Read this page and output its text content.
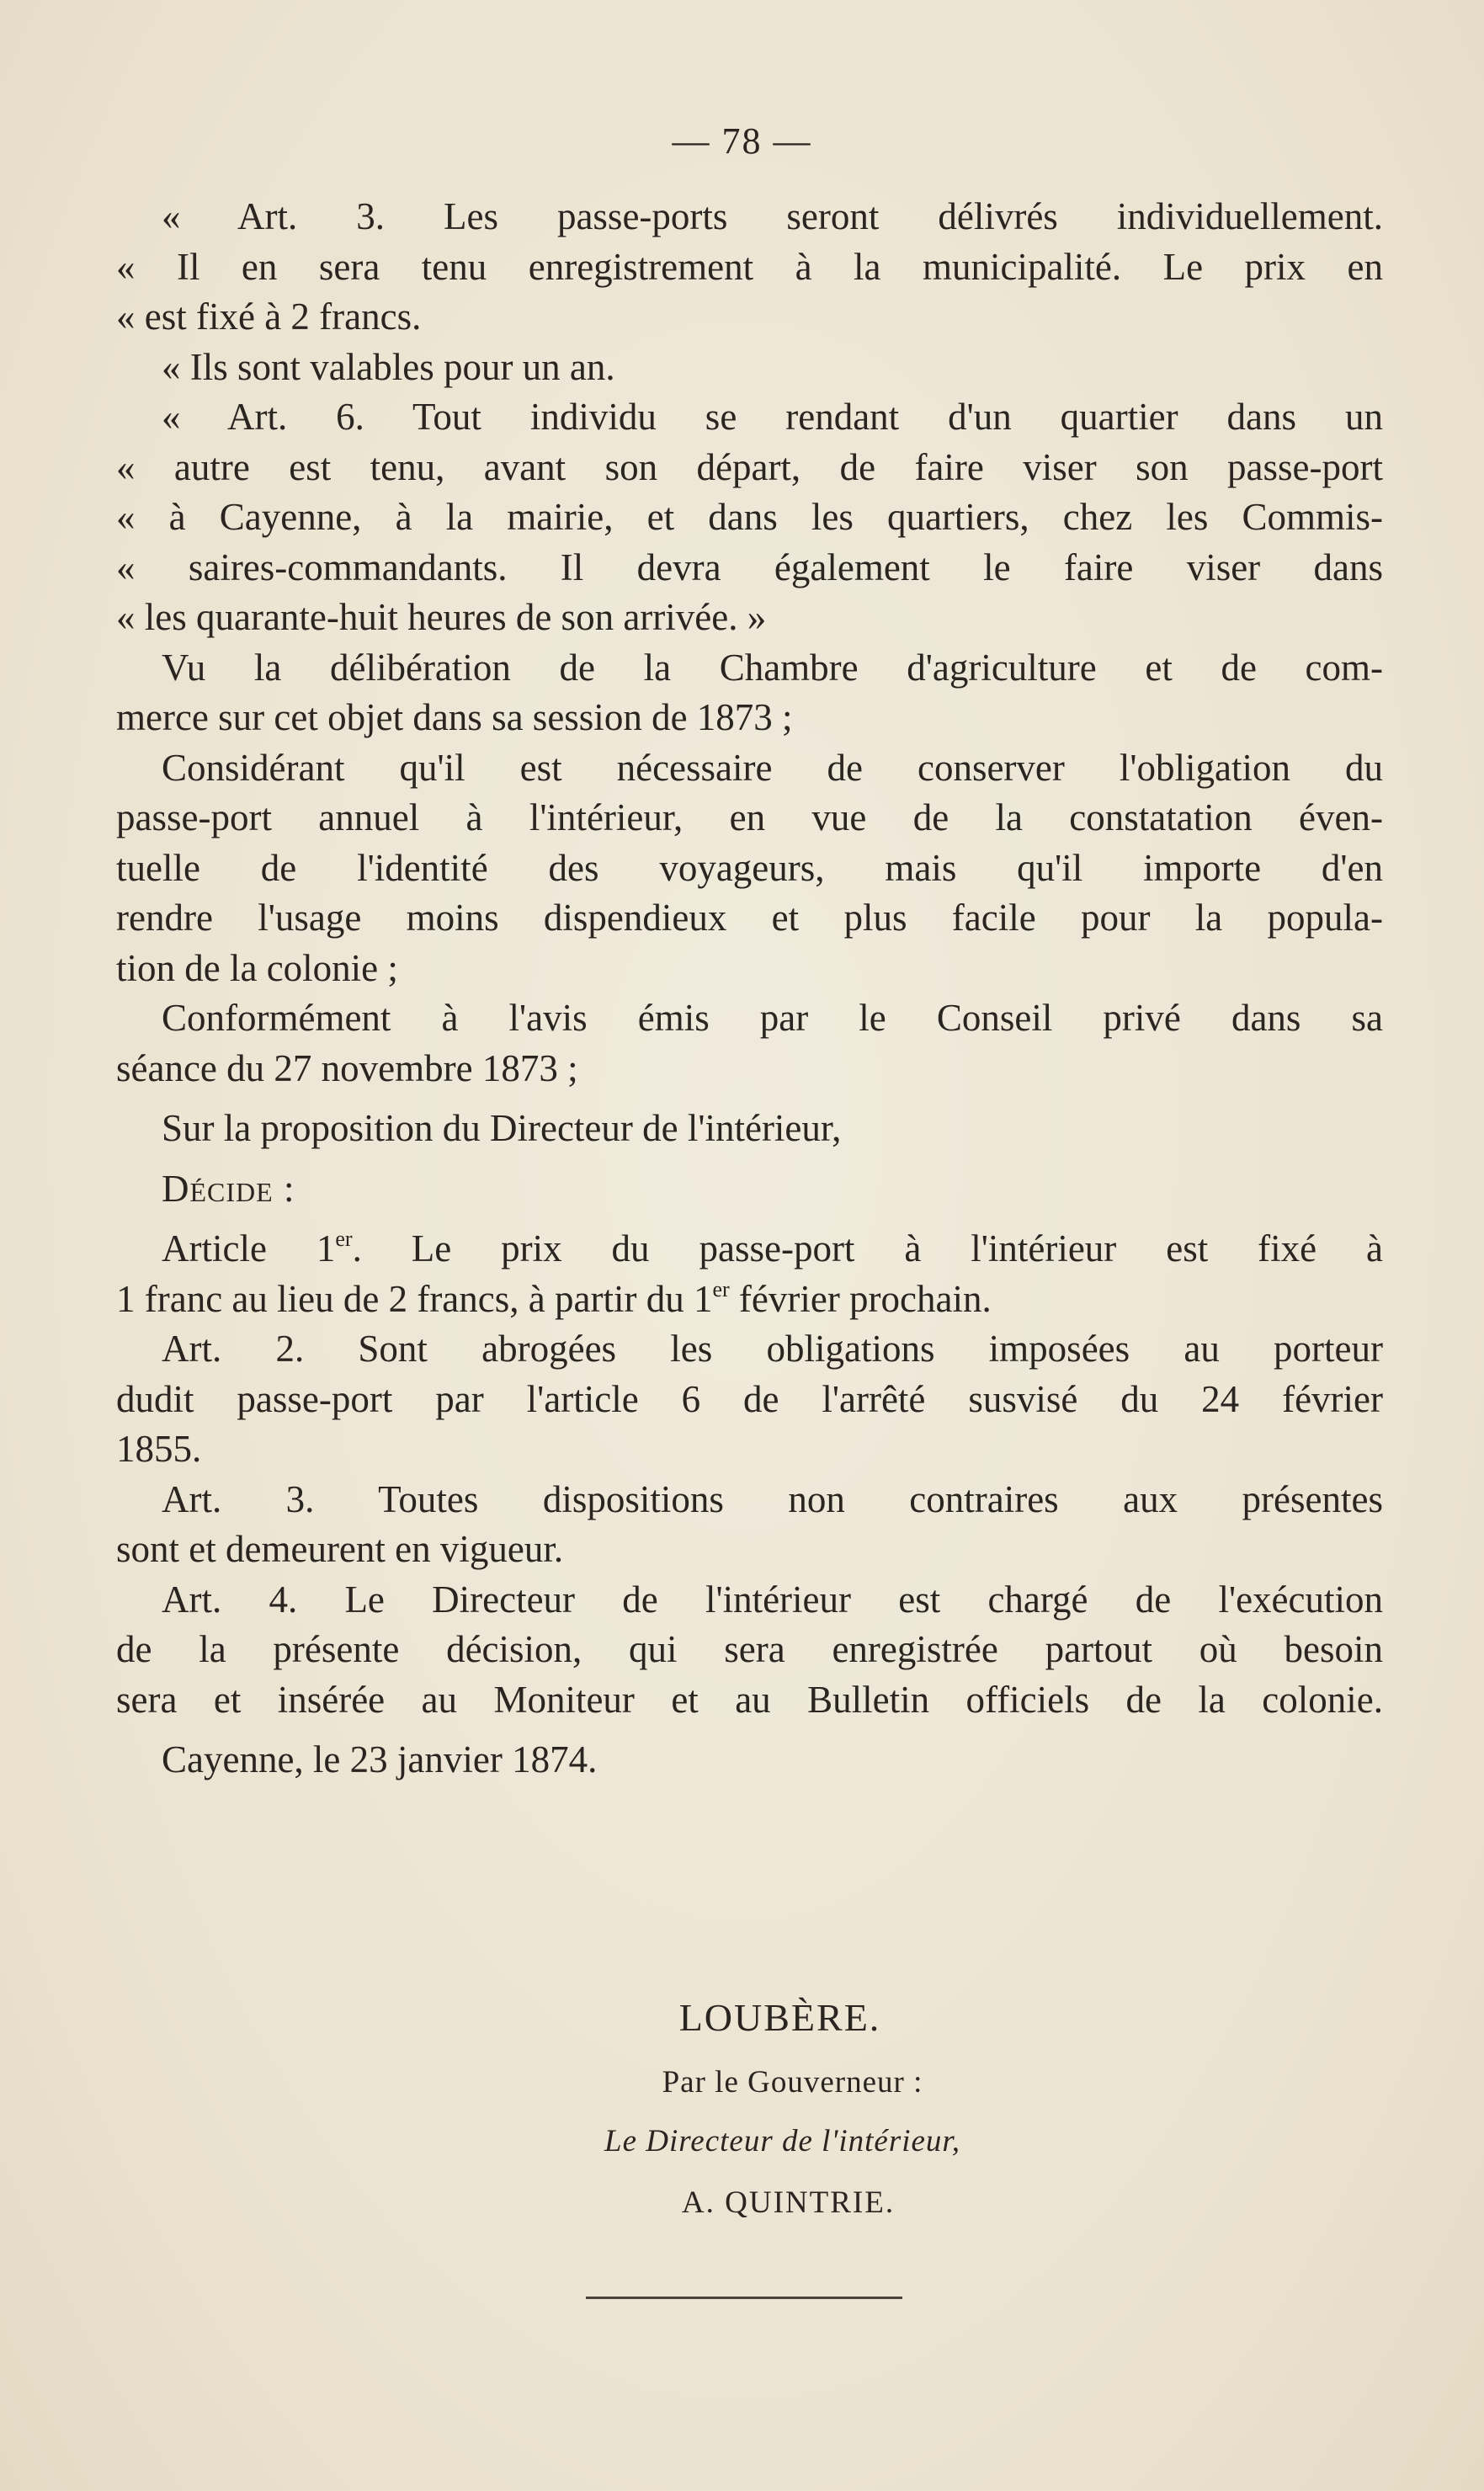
— 78 —
« Art. 3. Les passe-ports seront délivrés individuellement.
« Il en sera tenu enregistrement à la municipalité. Le prix en
« est fixé à 2 francs.
« Ils sont valables pour un an.
« Art. 6. Tout individu se rendant d'un quartier dans un
« autre est tenu, avant son départ, de faire viser son passe-port
« à Cayenne, à la mairie, et dans les quartiers, chez les Commis-
« saires-commandants. Il devra également le faire viser dans
« les quarante-huit heures de son arrivée. »
Vu la délibération de la Chambre d'agriculture et de com-
merce sur cet objet dans sa session de 1873 ;
Considérant qu'il est nécessaire de conserver l'obligation du
passe-port annuel à l'intérieur, en vue de la constatation éven-
tuelle de l'identité des voyageurs, mais qu'il importe d'en
rendre l'usage moins dispendieux et plus facile pour la popula-
tion de la colonie ;
Conformément à l'avis émis par le Conseil privé dans sa
séance du 27 novembre 1873 ;
Sur la proposition du Directeur de l'intérieur,
Décide :
Article 1er. Le prix du passe-port à l'intérieur est fixé à
1 franc au lieu de 2 francs, à partir du 1er février prochain.
Art. 2. Sont abrogées les obligations imposées au porteur
dudit passe-port par l'article 6 de l'arrêté susvisé du 24 février
1855.
Art. 3. Toutes dispositions non contraires aux présentes
sont et demeurent en vigueur.
Art. 4. Le Directeur de l'intérieur est chargé de l'exécution
de la présente décision, qui sera enregistrée partout où besoin
sera et insérée au Moniteur et au Bulletin officiels de la colonie.
Cayenne, le 23 janvier 1874.
LOUBÈRE.
Par le Gouverneur :
Le Directeur de l'intérieur,
A. QUINTRIE.
